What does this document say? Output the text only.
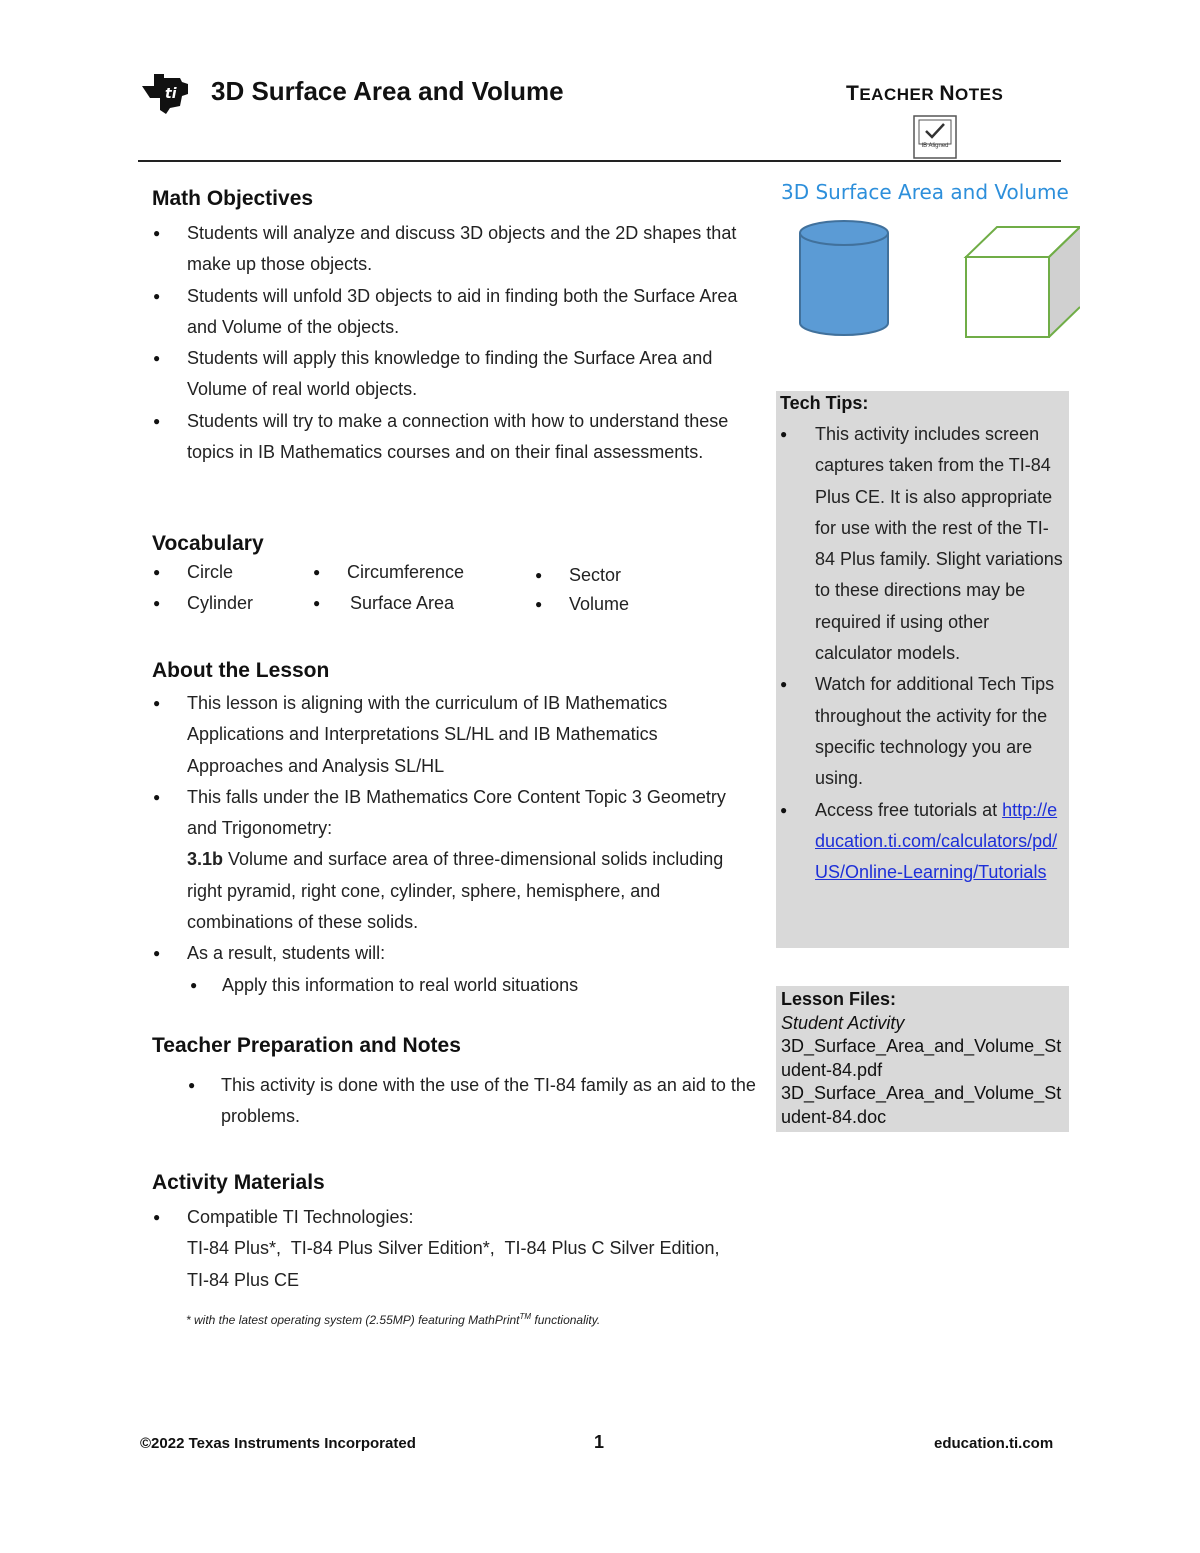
ti 3D Surface Area and Volume	TEACHER NOTES
IB Aligned
Math Objectives
● Students will analyze and discuss 3D objects and the 2D shapes that make up those objects.
● Students will unfold 3D objects to aid in finding both the Surface Area and Volume of the objects.
● Students will apply this knowledge to finding the Surface Area and Volume of real world objects.
● Students will try to make a connection with how to understand these topics in IB Mathematics courses and on their final assessments.
Vocabulary
● Circle
● Cylinder
● Circumference
● Surface Area
● Sector
● Volume
About the Lesson
● This lesson is aligning with the curriculum of IB Mathematics Applications and Interpretations SL/HL and IB Mathematics Approaches and Analysis SL/HL
● This falls under the IB Mathematics Core Content Topic 3 Geometry and Trigonometry:
3.1b Volume and surface area of three-dimensional solids including right pyramid, right cone, cylinder, sphere, hemisphere, and combinations of these solids.
● As a result, students will:
● Apply this information to real world situations
Teacher Preparation and Notes
● This activity is done with the use of the TI-84 family as an aid to the problems.
Activity Materials
● Compatible TI Technologies:
TI-84 Plus*,  TI-84 Plus Silver Edition*,  TI-84 Plus C Silver Edition,  TI-84 Plus CE
* with the latest operating system (2.55MP) featuring MathPrint™ functionality.
3D Surface Area and Volume
Tech Tips:
● This activity includes screen captures taken from the TI-84 Plus CE. It is also appropriate for use with the rest of the TI-84 Plus family. Slight variations to these directions may be required if using other calculator models.
● Watch for additional Tech Tips throughout the activity for the specific technology you are using.
● Access free tutorials at http://education.ti.com/calculators/pd/US/Online-Learning/Tutorials
Lesson Files:
Student Activity
3D_Surface_Area_and_Volume_Student-84.pdf
3D_Surface_Area_and_Volume_Student-84.doc
©2022 Texas Instruments Incorporated	1	education.ti.com
